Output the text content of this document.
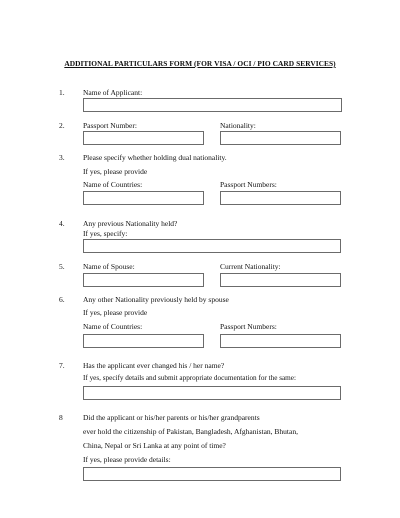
ADDITIONAL PARTICULARS FORM (FOR VISA / OCI / PIO CARD SERVICES)
1. Name of Applicant:
2. Passport Number:	Nationality:
3. Please specify whether holding dual nationality.
If yes, please provide
Name of Countries:	Passport Numbers:
4. Any previous Nationality held?
If yes, specify:
5. Name of Spouse:	Current Nationality:
6. Any other Nationality previously held by spouse
If yes, please provide
Name of Countries:	Passport Numbers:
7. Has the applicant ever changed his / her name?
If yes, specify details and submit appropriate documentation for the same:
8	Did the applicant or his/her parents or his/her grandparents
ever hold the citizenship of Pakistan, Bangladesh, Afghanistan, Bhutan,
China, Nepal or Sri Lanka at any point of time?
If yes, please provide details:
